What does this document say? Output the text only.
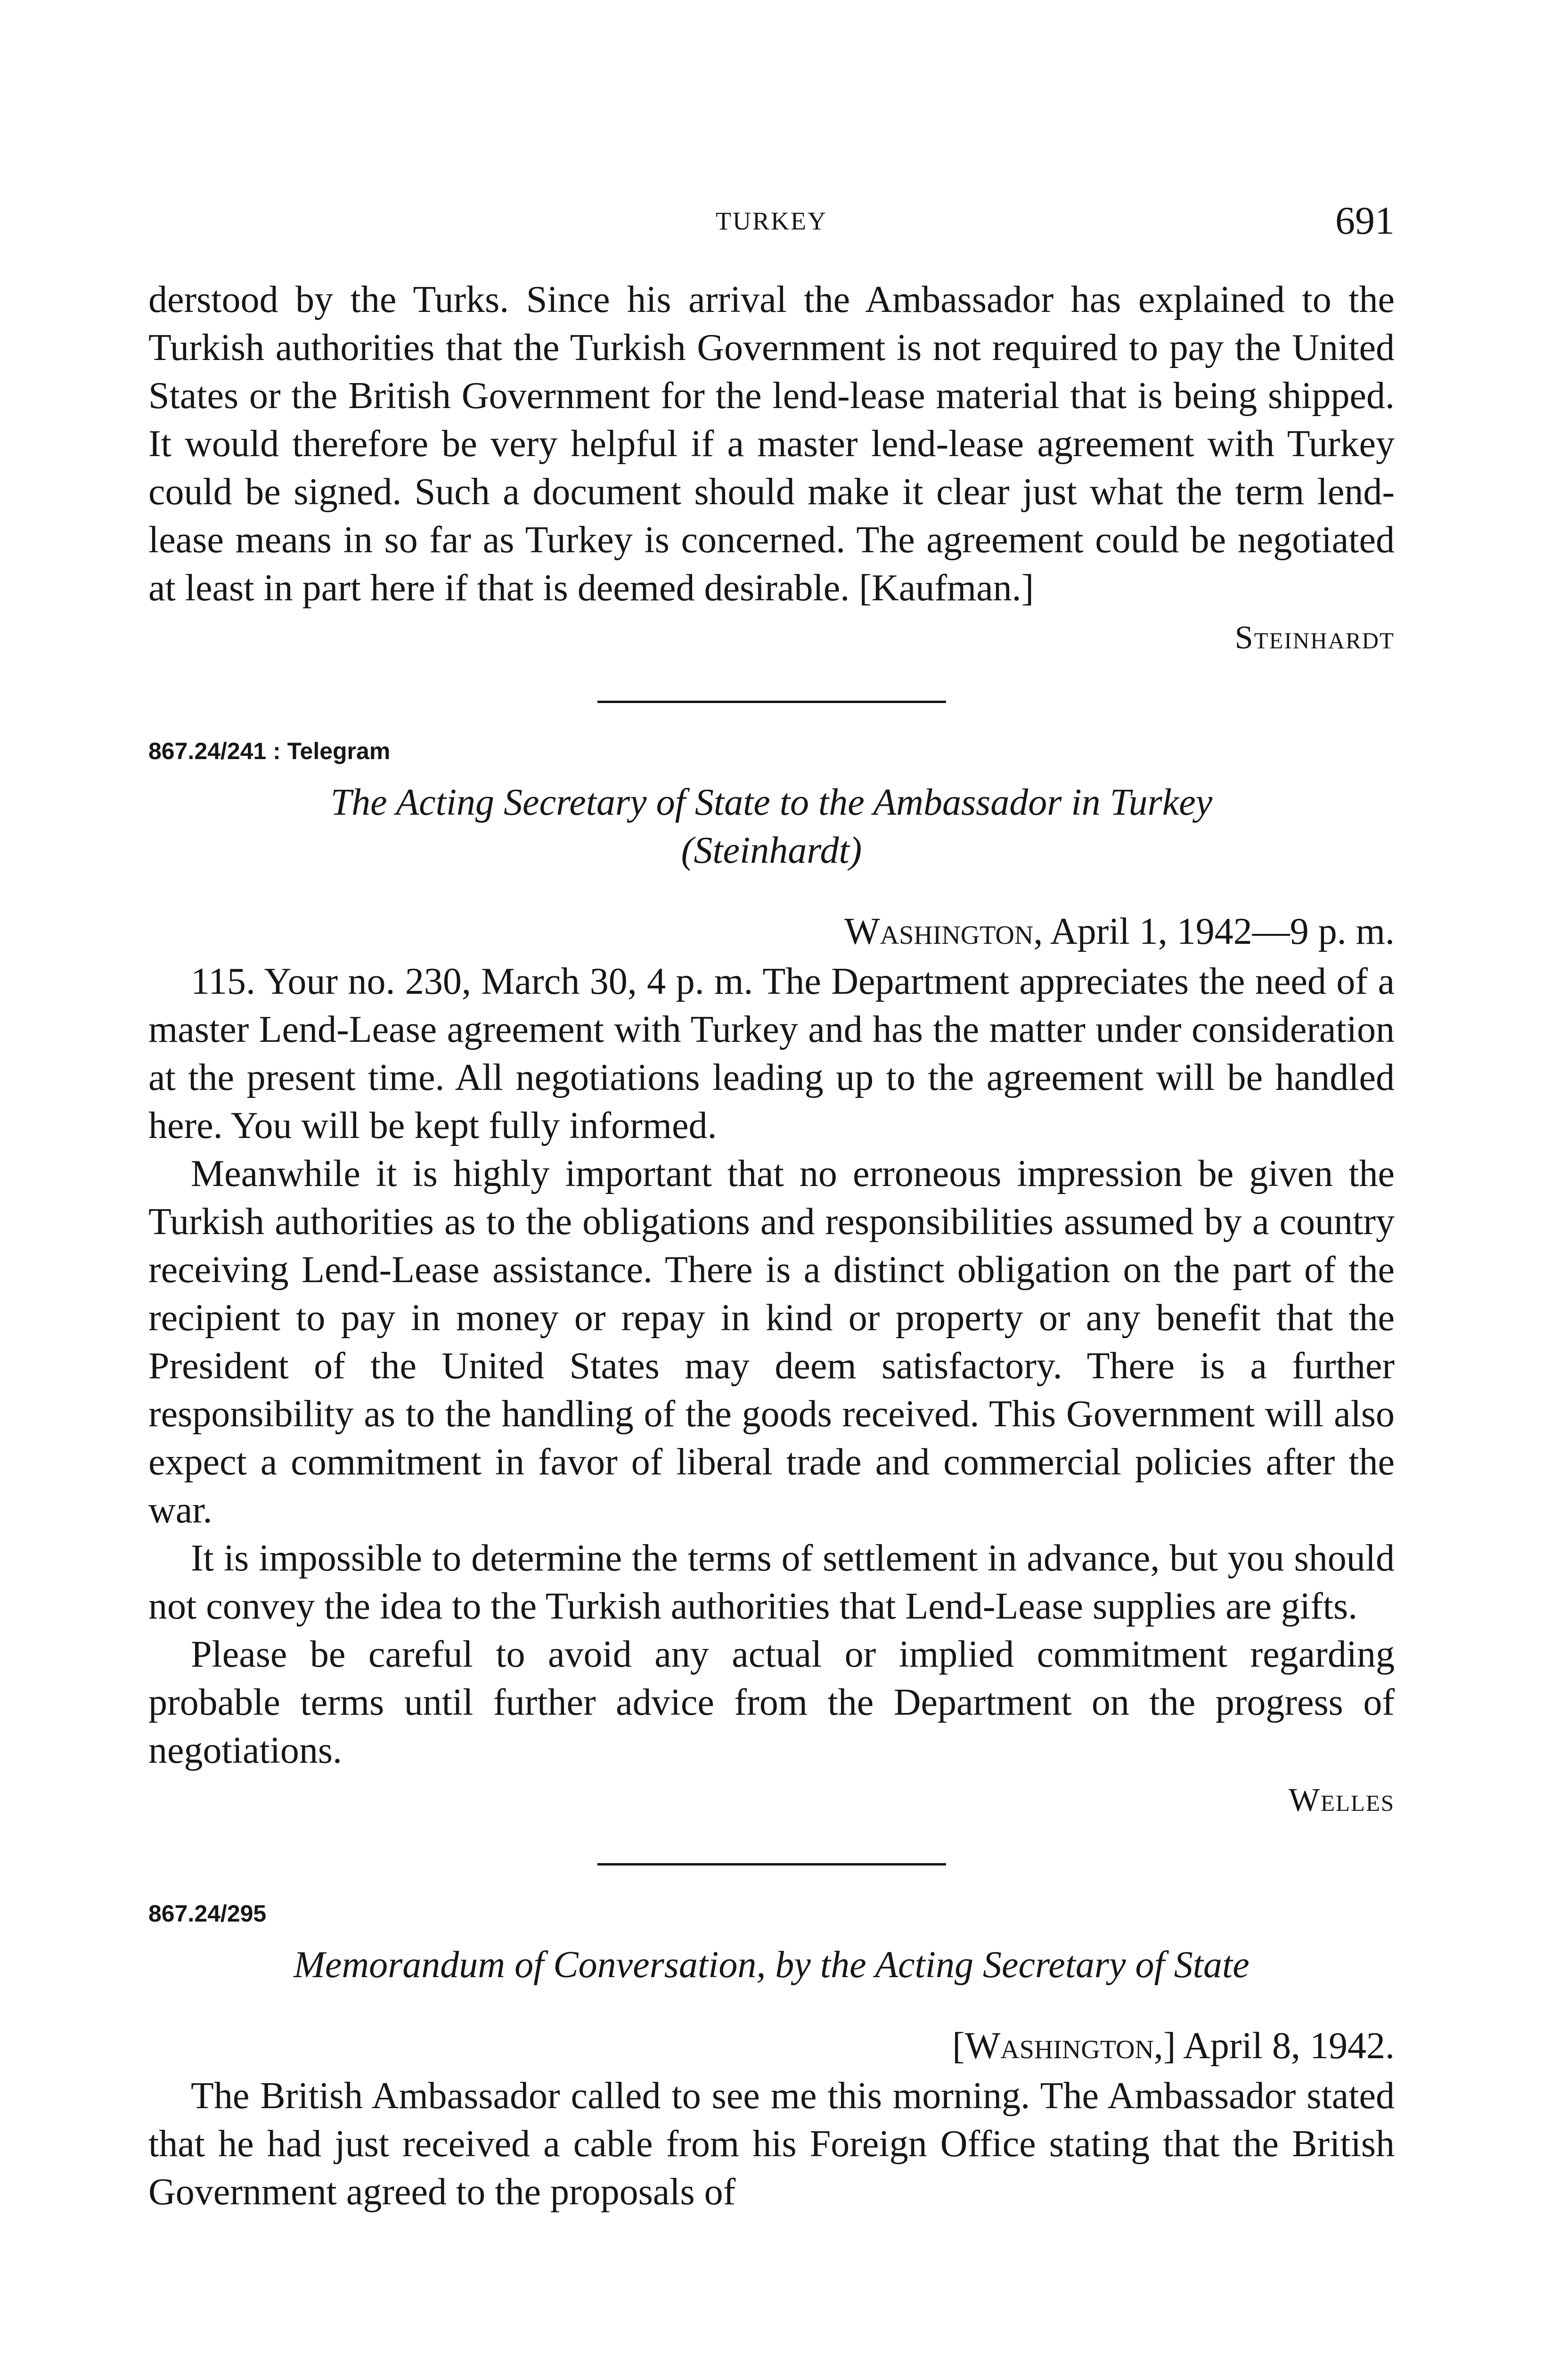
TURKEY	691

derstood by the Turks. Since his arrival the Ambassador has explained to the Turkish authorities that the Turkish Government is not required to pay the United States or the British Government for the lend-lease material that is being shipped. It would therefore be very helpful if a master lend-lease agreement with Turkey could be signed. Such a document should make it clear just what the term lend-lease means in so far as Turkey is concerned. The agreement could be negotiated at least in part here if that is deemed desirable. [Kaufman.]

Steinhardt
867.24/241 : Telegram
The Acting Secretary of State to the Ambassador in Turkey
(Steinhardt)
Washington, April 1, 1942—9 p. m.

115. Your no. 230, March 30, 4 p. m. The Department appreciates the need of a master Lend-Lease agreement with Turkey and has the matter under consideration at the present time. All negotiations leading up to the agreement will be handled here. You will be kept fully informed.

Meanwhile it is highly important that no erroneous impression be given the Turkish authorities as to the obligations and responsibilities assumed by a country receiving Lend-Lease assistance. There is a distinct obligation on the part of the recipient to pay in money or repay in kind or property or any benefit that the President of the United States may deem satisfactory. There is a further responsibility as to the handling of the goods received. This Government will also expect a commitment in favor of liberal trade and commercial policies after the war.

It is impossible to determine the terms of settlement in advance, but you should not convey the idea to the Turkish authorities that Lend-Lease supplies are gifts.

Please be careful to avoid any actual or implied commitment regarding probable terms until further advice from the Department on the progress of negotiations.

Welles
867.24/295
Memorandum of Conversation, by the Acting Secretary of State
[Washington,] April 8, 1942.

The British Ambassador called to see me this morning. The Ambassador stated that he had just received a cable from his Foreign Office stating that the British Government agreed to the proposals of
